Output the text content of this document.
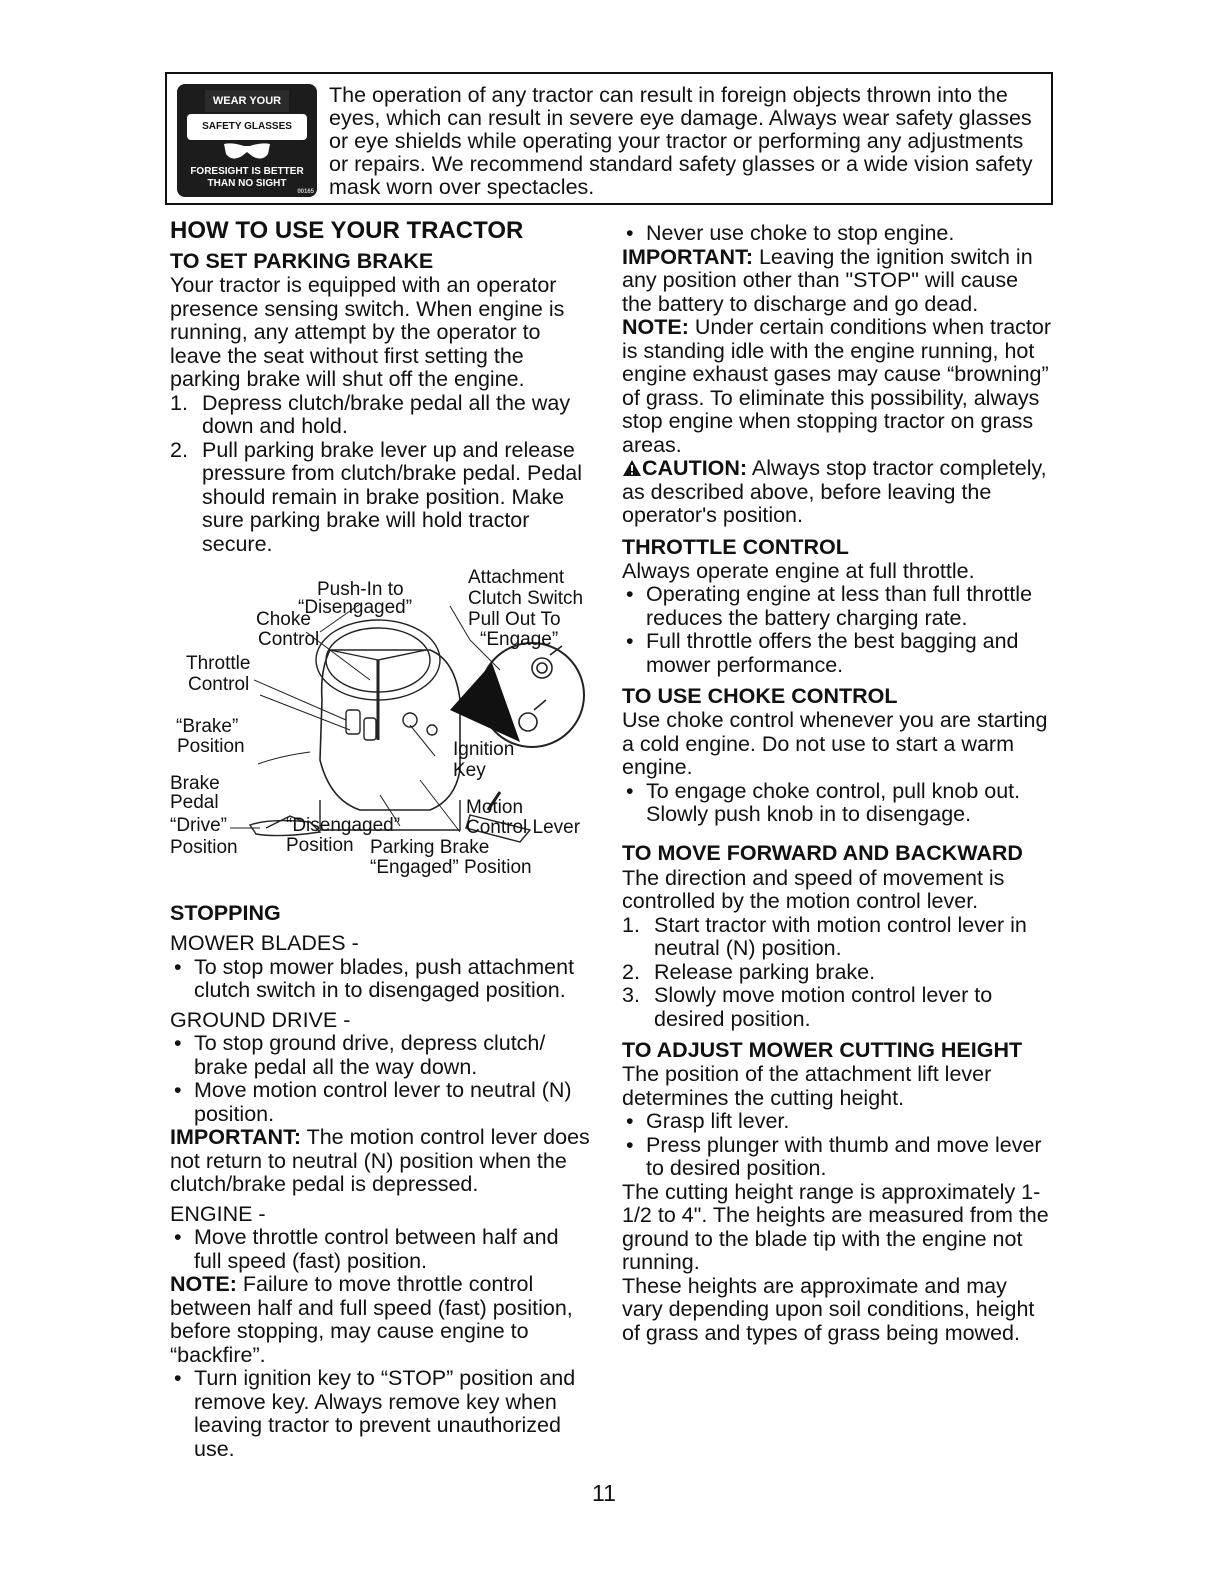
WEAR YOUR
SAFETY GLASSES
FORESIGHT IS BETTER THAN NO SIGHT
00165
The operation of any tractor can result in foreign objects thrown into the eyes, which can result in severe eye damage. Always wear safety glasses or eye shields while operating your tractor or performing any adjustments or repairs. We recommend standard safety glasses or a wide vision safety mask worn over spectacles.
HOW TO USE YOUR TRACTOR
TO SET PARKING BRAKE

Your tractor is equipped with an operator presence sensing switch. When engine is running, any attempt by the operator to leave the seat without first setting the parking brake will shut off the engine.

1. Depress clutch/brake pedal all the way down and hold.
2. Pull parking brake lever up and release pressure from clutch/brake pedal. Pedal should remain in brake position. Make sure parking brake will hold tractor secure.
Push-In to
“Disengaged”
Attachment
Clutch Switch
Pull Out To
“Engage”
Choke
Control
Throttle
Control
“Brake”
Position	Ignition
Key
Brake
Pedal	Motion
Control Lever
“Drive”
Position
“Disengaged”
Position Parking Brake
“Engaged” Position
STOPPING

MOWER BLADES -

• To stop mower blades, push attachment clutch switch in to disengaged position.

GROUND DRIVE -

• To stop ground drive, depress clutch/ brake pedal all the way down.
• Move motion control lever to neutral (N) position.

IMPORTANT: The motion control lever does not return to neutral (N) position when the clutch/brake pedal is depressed.

ENGINE -

• Move throttle control between half and full speed (fast) position.

NOTE: Failure to move throttle control between half and full speed (fast) position, before stopping, may cause engine to “backfire”.

• Turn ignition key to “STOP” position and remove key. Always remove key when leaving tractor to prevent unauthorized use.
• Never use choke to stop engine.

IMPORTANT: Leaving the ignition switch in any position other than "STOP" will cause the battery to discharge and go dead.

NOTE: Under certain conditions when tractor is standing idle with the engine running, hot engine exhaust gases may cause “browning” of grass. To eliminate this possibility, always stop engine when stopping tractor on grass areas.

CAUTION: Always stop tractor completely, as described above, before leaving the operator's position.

THROTTLE CONTROL

Always operate engine at full throttle.

• Operating engine at less than full throttle reduces the battery charging rate.
• Full throttle offers the best bagging and mower performance.
TO USE CHOKE CONTROL

Use choke control whenever you are starting a cold engine. Do not use to start a warm engine.

• To engage choke control, pull knob out. Slowly push knob in to disengage.
TO MOVE FORWARD AND BACKWARD

The direction and speed of movement is controlled by the motion control lever.

1. Start tractor with motion control lever in neutral (N) position.
2. Release parking brake.
3. Slowly move motion control lever to desired position.
TO ADJUST MOWER CUTTING HEIGHT

The position of the attachment lift lever determines the cutting height.

• Grasp lift lever.
• Press plunger with thumb and move lever to desired position.

The cutting height range is approximately 1-1/2 to 4". The heights are measured from the ground to the blade tip with the engine not running.

These heights are approximate and may vary depending upon soil conditions, height of grass and types of grass being mowed.

11
